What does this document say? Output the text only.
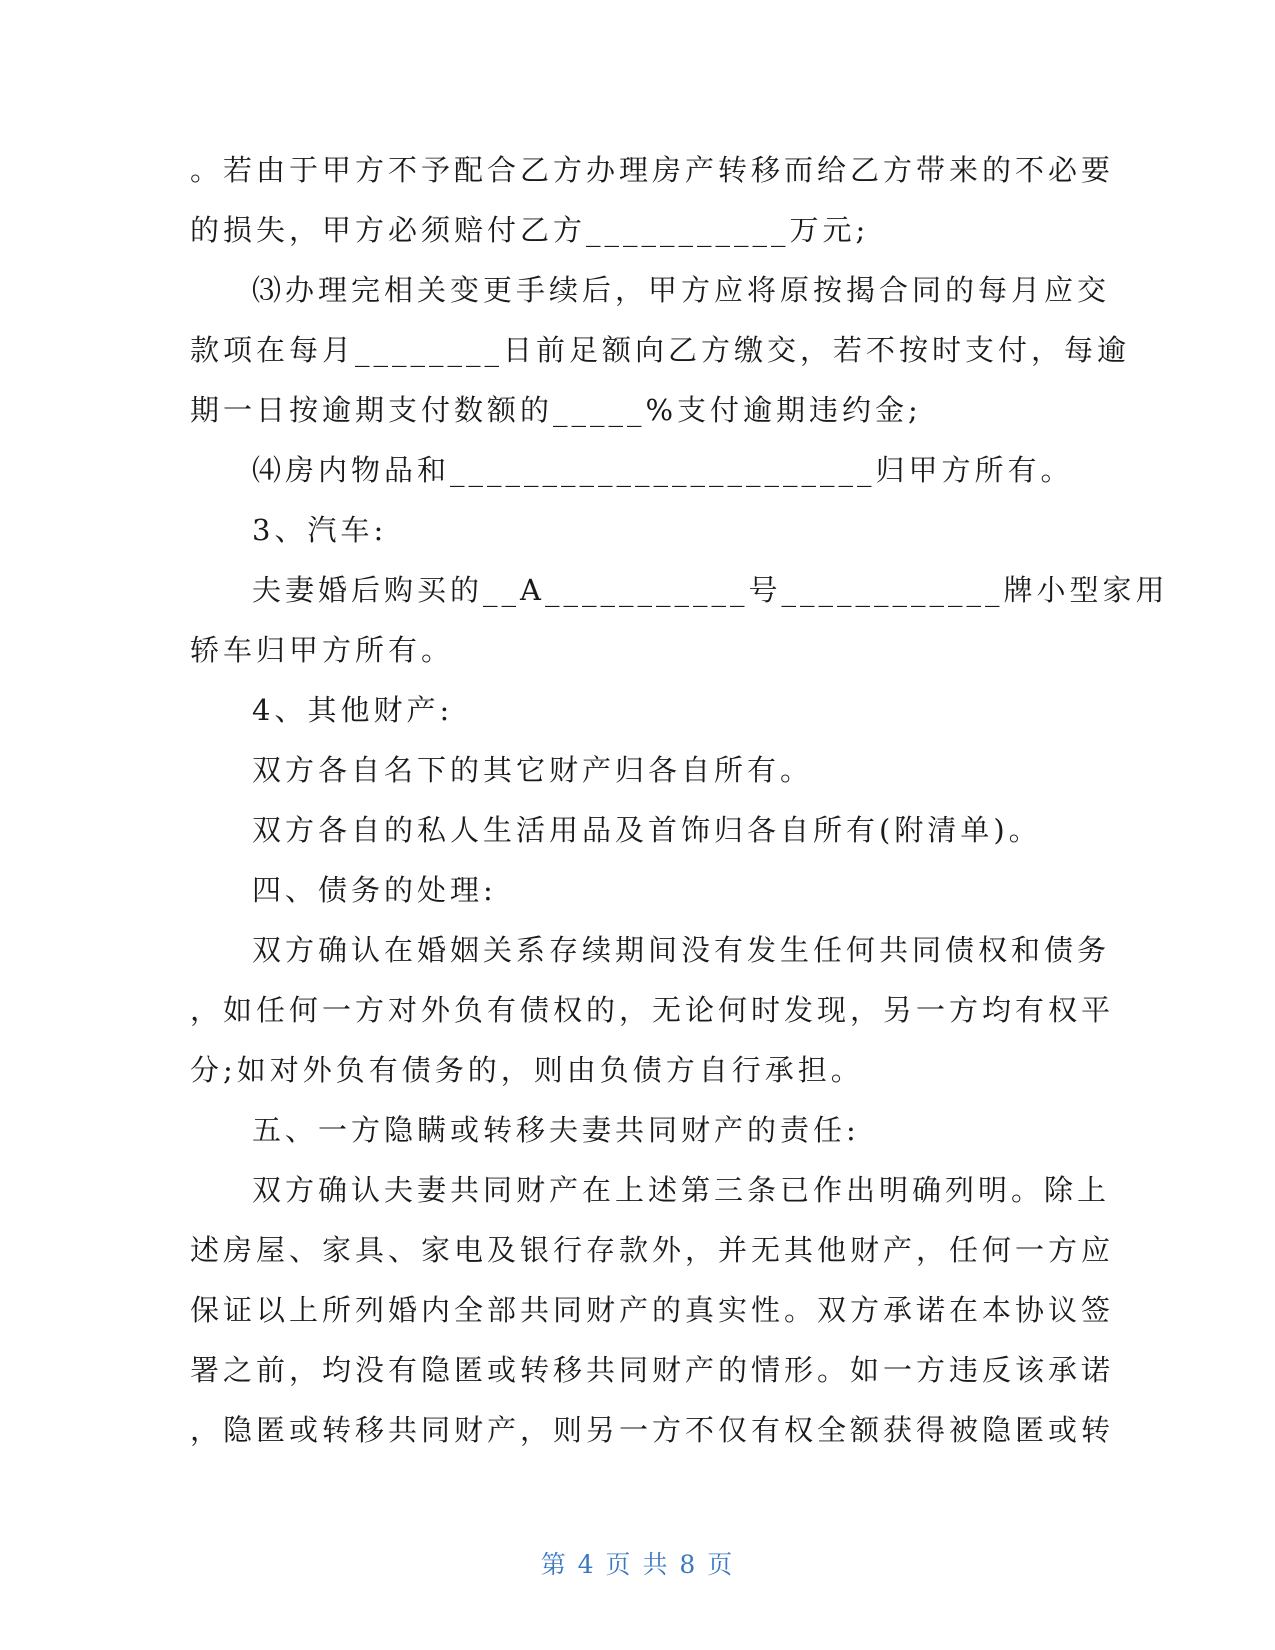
。若由于甲方不予配合乙方办理房产转移而给乙方带来的不必要
的损失，甲方必须赔付乙方___________万元;
⑶办理完相关变更手续后，甲方应将原按揭合同的每月应交
款项在每月________日前足额向乙方缴交，若不按时支付，每逾
期一日按逾期支付数额的_____%支付逾期违约金;
⑷房内物品和_______________________归甲方所有。
3、汽车:
夫妻婚后购买的__A___________号____________牌小型家用
轿车归甲方所有。
4、其他财产:
双方各自名下的其它财产归各自所有。
双方各自的私人生活用品及首饰归各自所有(附清单)。
四、债务的处理:
双方确认在婚姻关系存续期间没有发生任何共同债权和债务
，如任何一方对外负有债权的，无论何时发现，另一方均有权平
分;如对外负有债务的，则由负债方自行承担。
五、一方隐瞒或转移夫妻共同财产的责任:
双方确认夫妻共同财产在上述第三条已作出明确列明。除上
述房屋、家具、家电及银行存款外，并无其他财产，任何一方应
保证以上所列婚内全部共同财产的真实性。双方承诺在本协议签
署之前，均没有隐匿或转移共同财产的情形。如一方违反该承诺
，隐匿或转移共同财产，则另一方不仅有权全额获得被隐匿或转
第 4 页 共 8 页
